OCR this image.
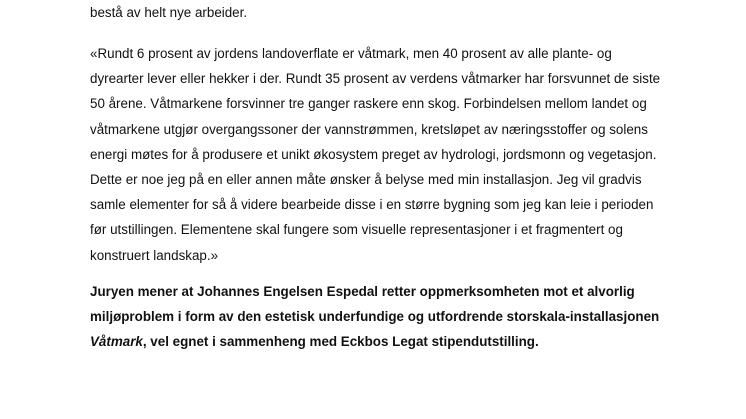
bestå av helt nye arbeider.
«Rundt 6 prosent av jordens landoverflate er våtmark, men 40 prosent av alle plante- og
dyrearter lever eller hekker i der. Rundt 35 prosent av verdens våtmarker har forsvunnet de siste
50 årene. Våtmarkene forsvinner tre ganger raskere enn skog. Forbindelsen mellom landet og
våtmarkene utgjør overgangssoner der vannstrømmen, kretsløpet av næringsstoffer og solens
energi møtes for å produsere et unikt økosystem preget av hydrologi, jordsmonn og vegetasjon.
Dette er noe jeg på en eller annen måte ønsker å belyse med min installasjon. Jeg vil gradvis
samle elementer for så å videre bearbeide disse i en større bygning som jeg kan leie i perioden
før utstillingen. Elementene skal fungere som visuelle representasjoner i et fragmentert og
konstruert landskap.»
Juryen mener at Johannes Engelsen Espedal retter oppmerksomheten mot et alvorlig
miljøproblem i form av den estetisk underfundige og utfordrende storskala-installasjonen
Våtmark, vel egnet i sammenheng med Eckbos Legat stipendutstilling.
